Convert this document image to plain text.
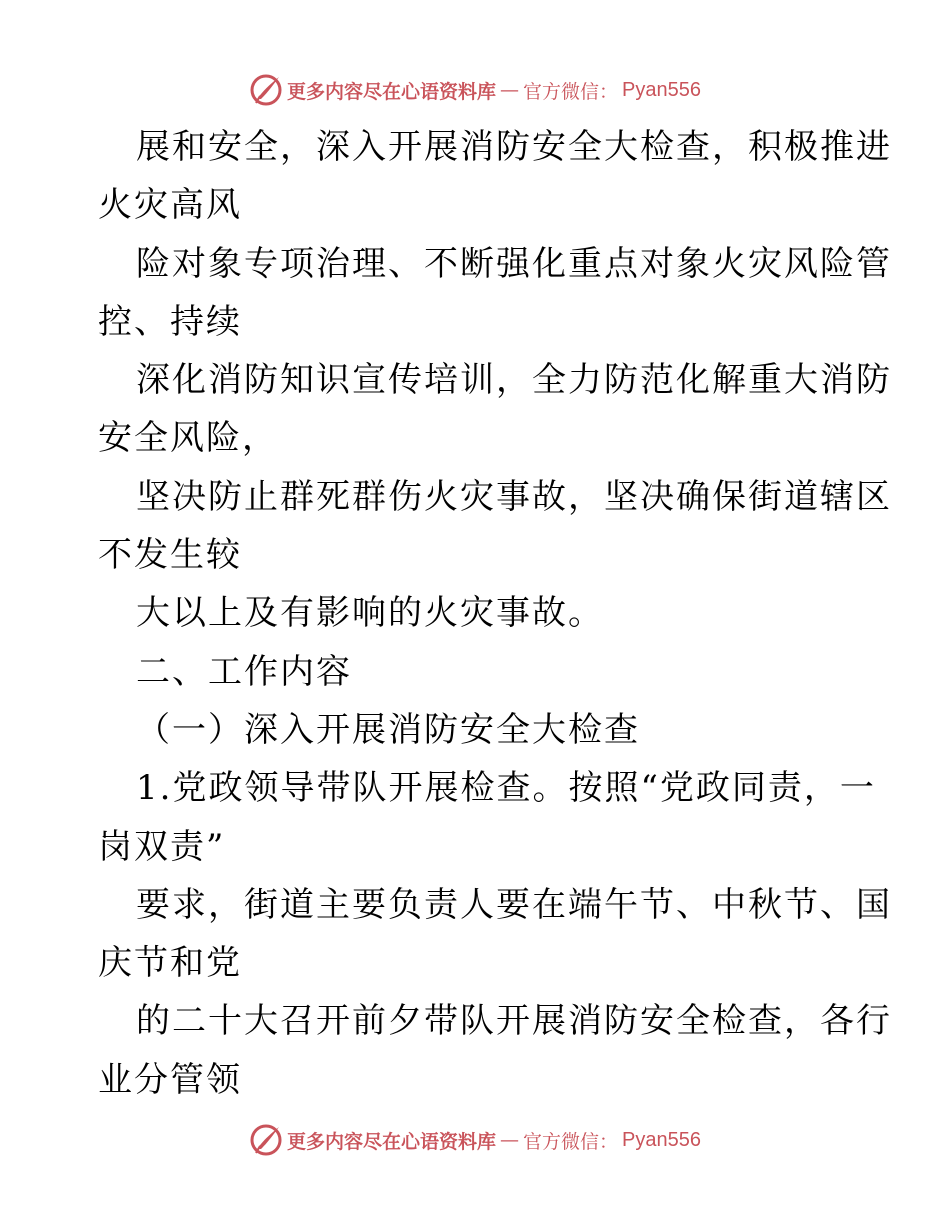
更多内容尽在心语资料库 — 官方微信： Pyan556
展和安全，深入开展消防安全大检查，积极推进
火灾高风
险对象专项治理、不断强化重点对象火灾风险管
控、持续
深化消防知识宣传培训，全力防范化解重大消防
安全风险，
坚决防止群死群伤火灾事故，坚决确保街道辖区
不发生较
大以上及有影响的火灾事故。
二、工作内容
（一）深入开展消防安全大检查
1.党政领导带队开展检查。按照“党政同责，一
岗双责”
要求，街道主要负责人要在端午节、中秋节、国
庆节和党
的二十大召开前夕带队开展消防安全检查，各行
业分管领
更多内容尽在心语资料库 — 官方微信： Pyan556
